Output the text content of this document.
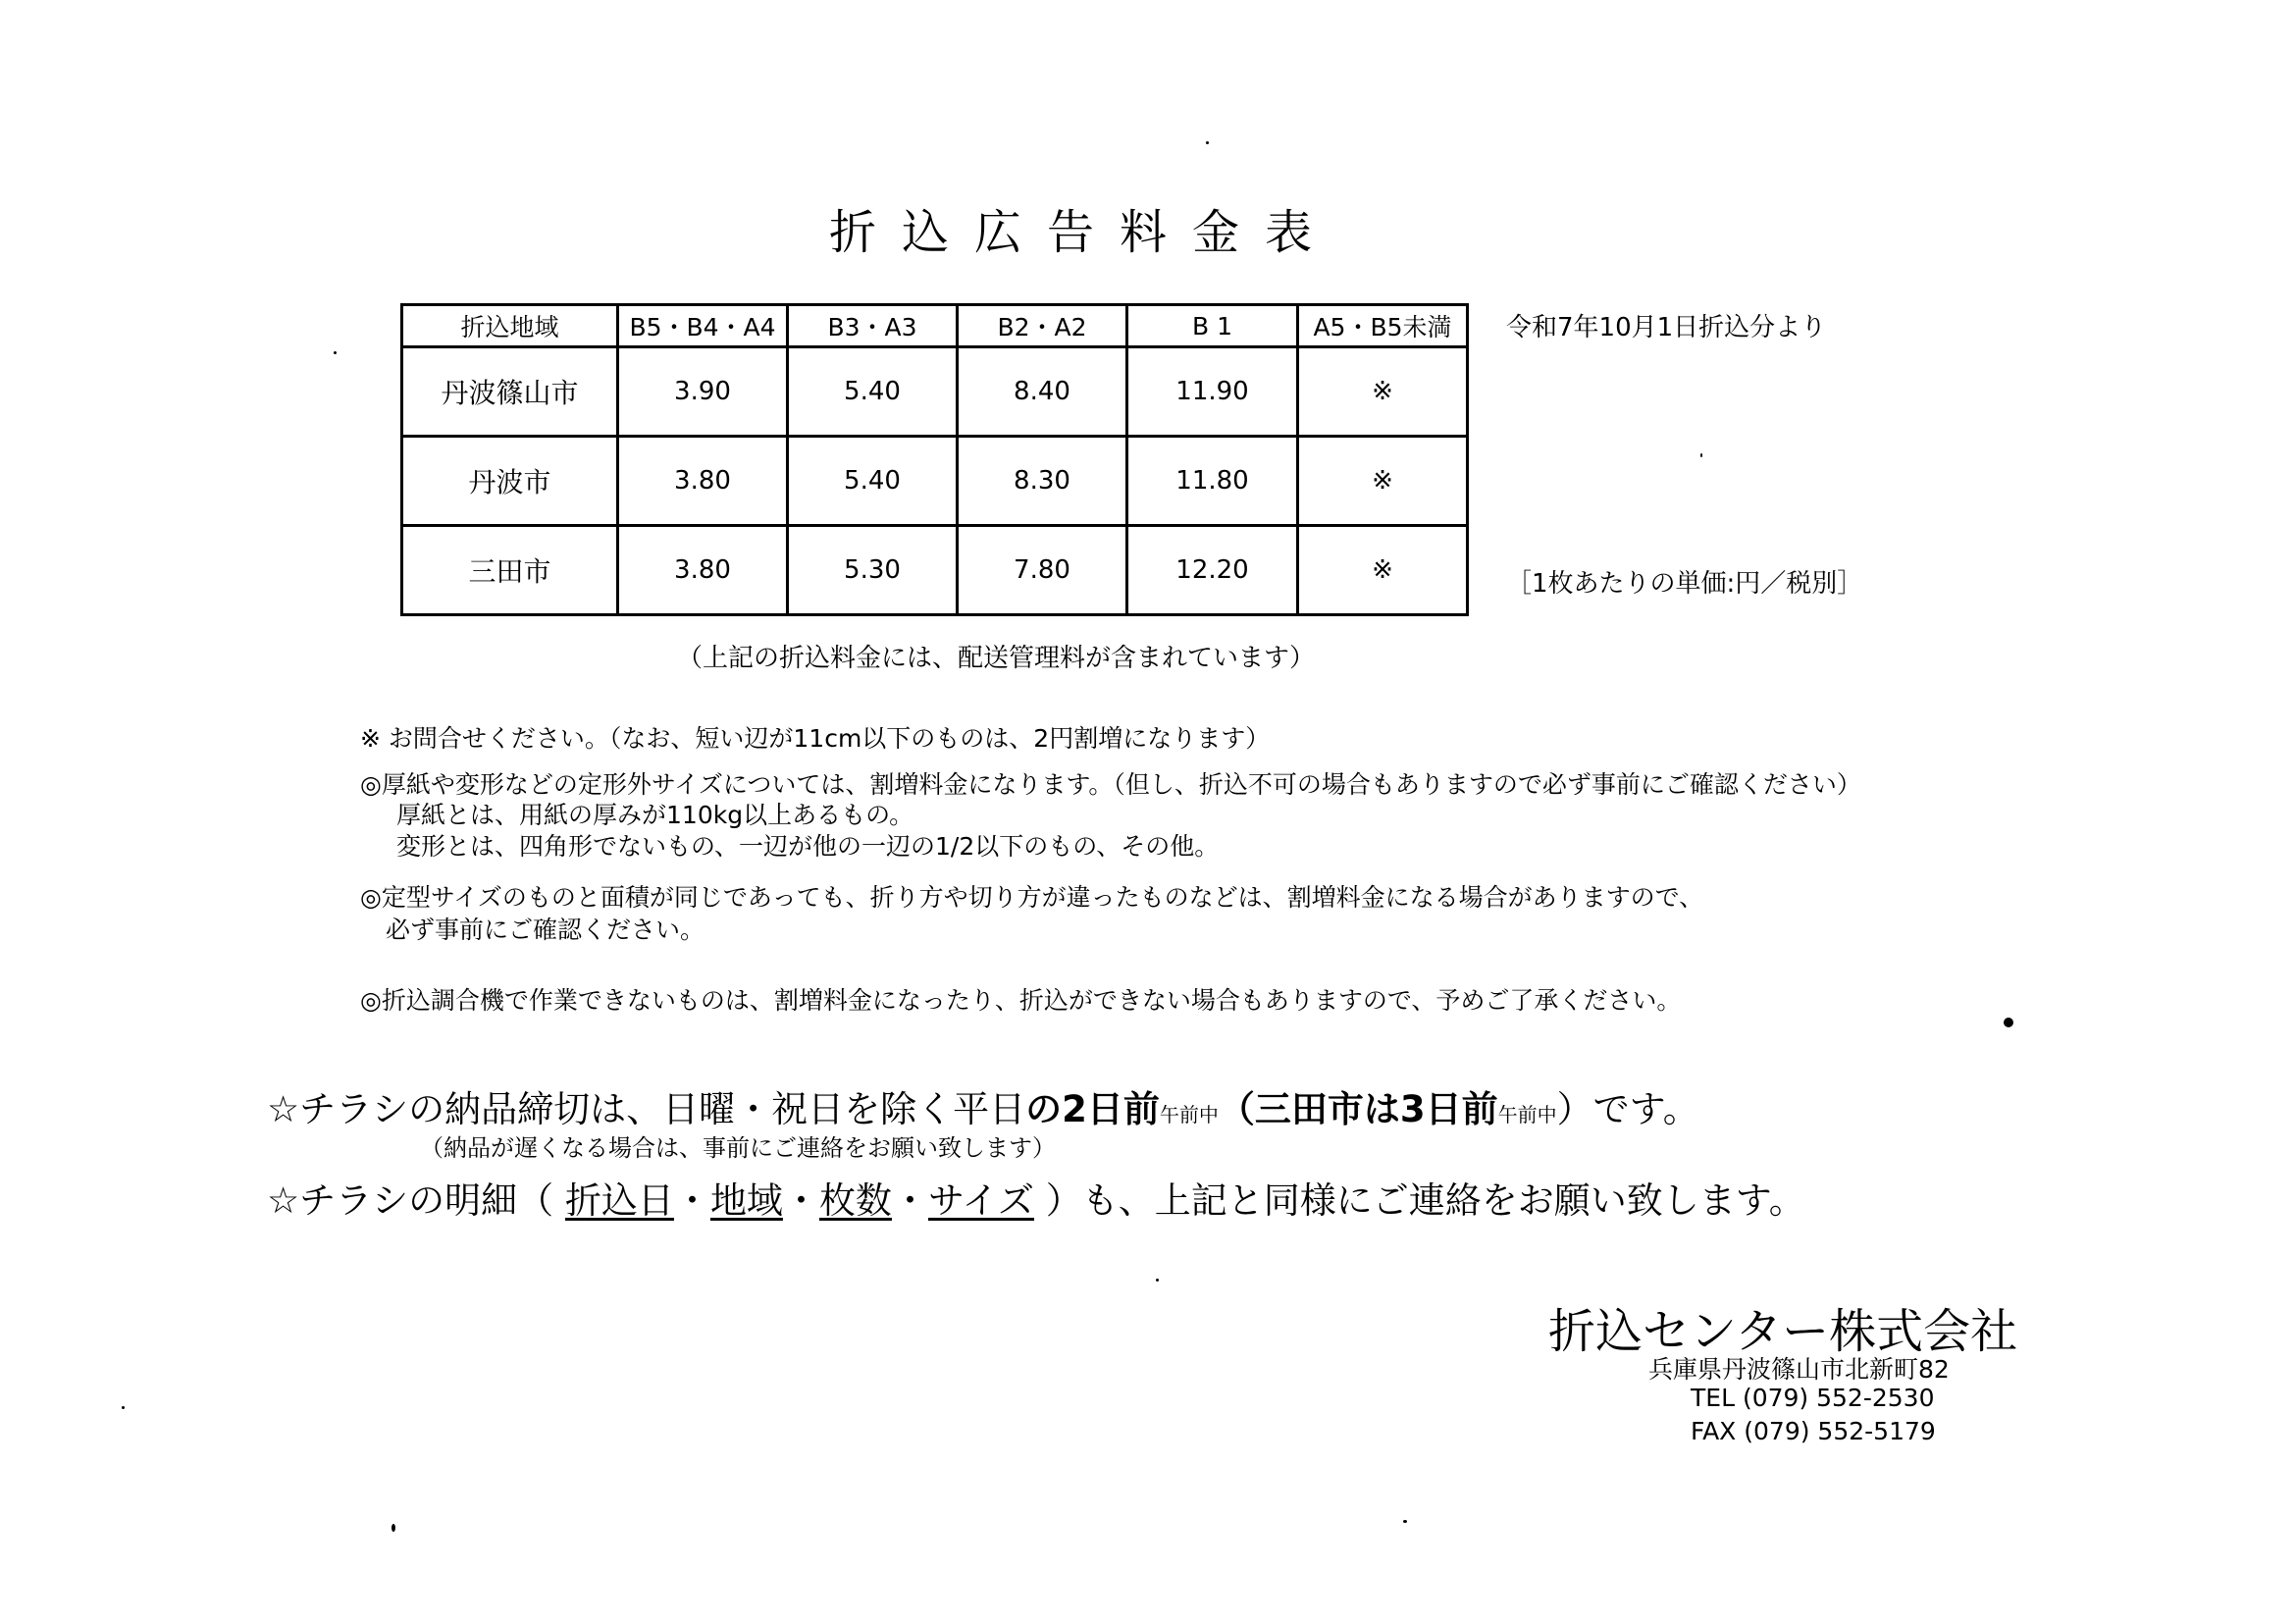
折込広告料金表
折込地域	B5・B4・A4	B3・A3	B2・A2	B 1	A5・B5未満
丹波篠山市	3.90	5.40	8.40	11.90	※
丹波市	3.80	5.40	8.30	11.80	※
三田市	3.80	5.30	7.80	12.20	※
令和7年10月1日折込分より
［1枚あたりの単価:円／税別］
（上記の折込料金には、配送管理料が含まれています）
※ お問合せください。（なお、短い辺が11cm以下のものは、2円割増になります）
◎厚紙や変形などの定形外サイズについては、割増料金になります。（但し、折込不可の場合もありますので必ず事前にご確認ください）
厚紙とは、用紙の厚みが110kg以上あるもの。
変形とは、四角形でないもの、一辺が他の一辺の1/2以下のもの、その他。
◎定型サイズのものと面積が同じであっても、折り方や切り方が違ったものなどは、割増料金になる場合がありますので、
必ず事前にご確認ください。
◎折込調合機で作業できないものは、割増料金になったり、折込ができない場合もありますので、予めご了承ください。
☆チラシの納品締切は、日曜・祝日を除く平日の2日前午前中（三田市は3日前午前中）です。
（納品が遅くなる場合は、事前にご連絡をお願い致します）
☆チラシの明細（ 折込日・地域・枚数・サイズ ）も、上記と同様にご連絡をお願い致します。
折込センター株式会社
兵庫県丹波篠山市北新町82
TEL (079) 552-2530
FAX (079) 552-5179
